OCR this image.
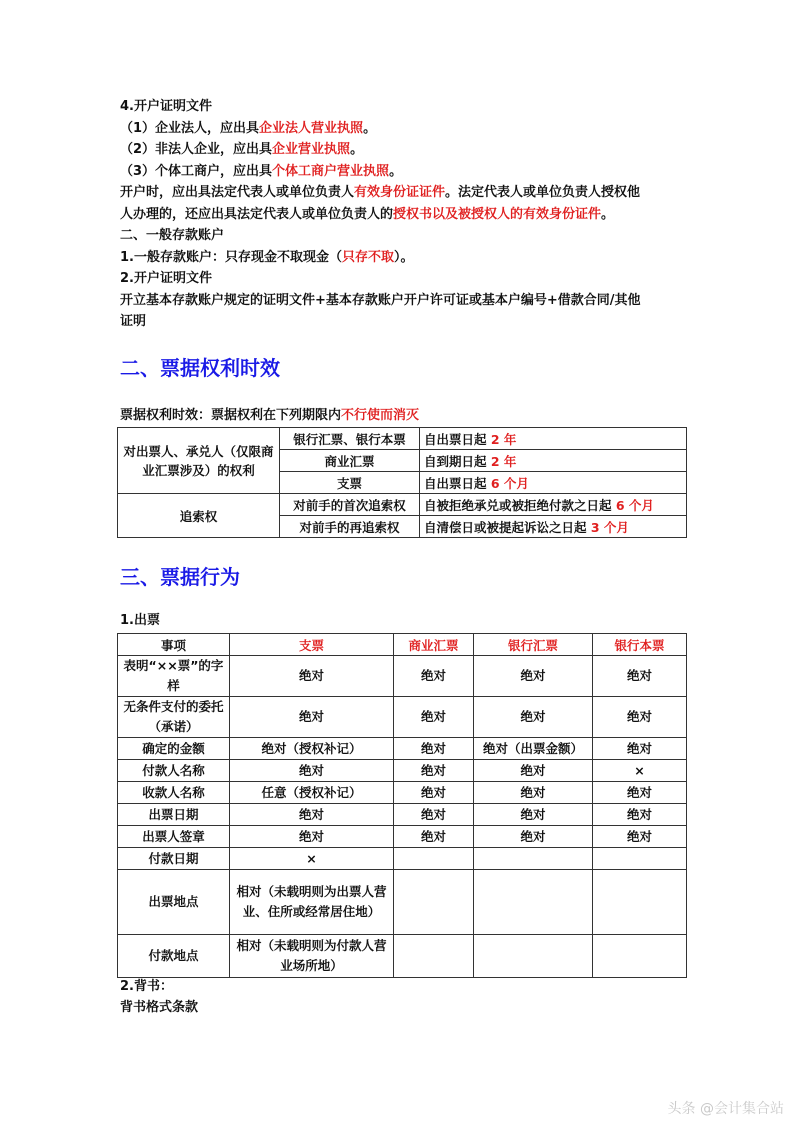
4.开户证明文件
（1）企业法人，应出具企业法人营业执照。
（2）非法人企业，应出具企业营业执照。
（3）个体工商户，应出具个体工商户营业执照。
开户时，应出具法定代表人或单位负责人有效身份证证件。法定代表人或单位负责人授权他
人办理的，还应出具法定代表人或单位负责人的授权书以及被授权人的有效身份证件。
二、一般存款账户
1.一般存款账户：只存现金不取现金（只存不取）。
2.开户证明文件
开立基本存款账户规定的证明文件+基本存款账户开户许可证或基本户编号+借款合同/其他
证明
二、票据权利时效
票据权利时效：票据权利在下列期限内不行使而消灭
对出票人、承兑人（仅限商业汇票涉及）的权利	银行汇票、银行本票	自出票日起 2 年
	商业汇票	自到期日起 2 年
	支票	自出票日起 6 个月
追索权	对前手的首次追索权	自被拒绝承兑或被拒绝付款之日起 6 个月
	对前手的再追索权	自清偿日或被提起诉讼之日起 3 个月
三、票据行为
1.出票
事项	支票	商业汇票	银行汇票	银行本票
表明“××票”的字样	绝对	绝对	绝对	绝对
无条件支付的委托（承诺）	绝对	绝对	绝对	绝对
确定的金额	绝对（授权补记）	绝对	绝对（出票金额）	绝对
付款人名称	绝对	绝对	绝对	×
收款人名称	任意（授权补记）	绝对	绝对	绝对
出票日期	绝对	绝对	绝对	绝对
出票人签章	绝对	绝对	绝对	绝对
付款日期	×			
出票地点	相对（未载明则为出票人营业、住所或经常居住地）			
付款地点	相对（未载明则为付款人营业场所地）			
2.背书：
背书格式条款
头条 @会计集合站
